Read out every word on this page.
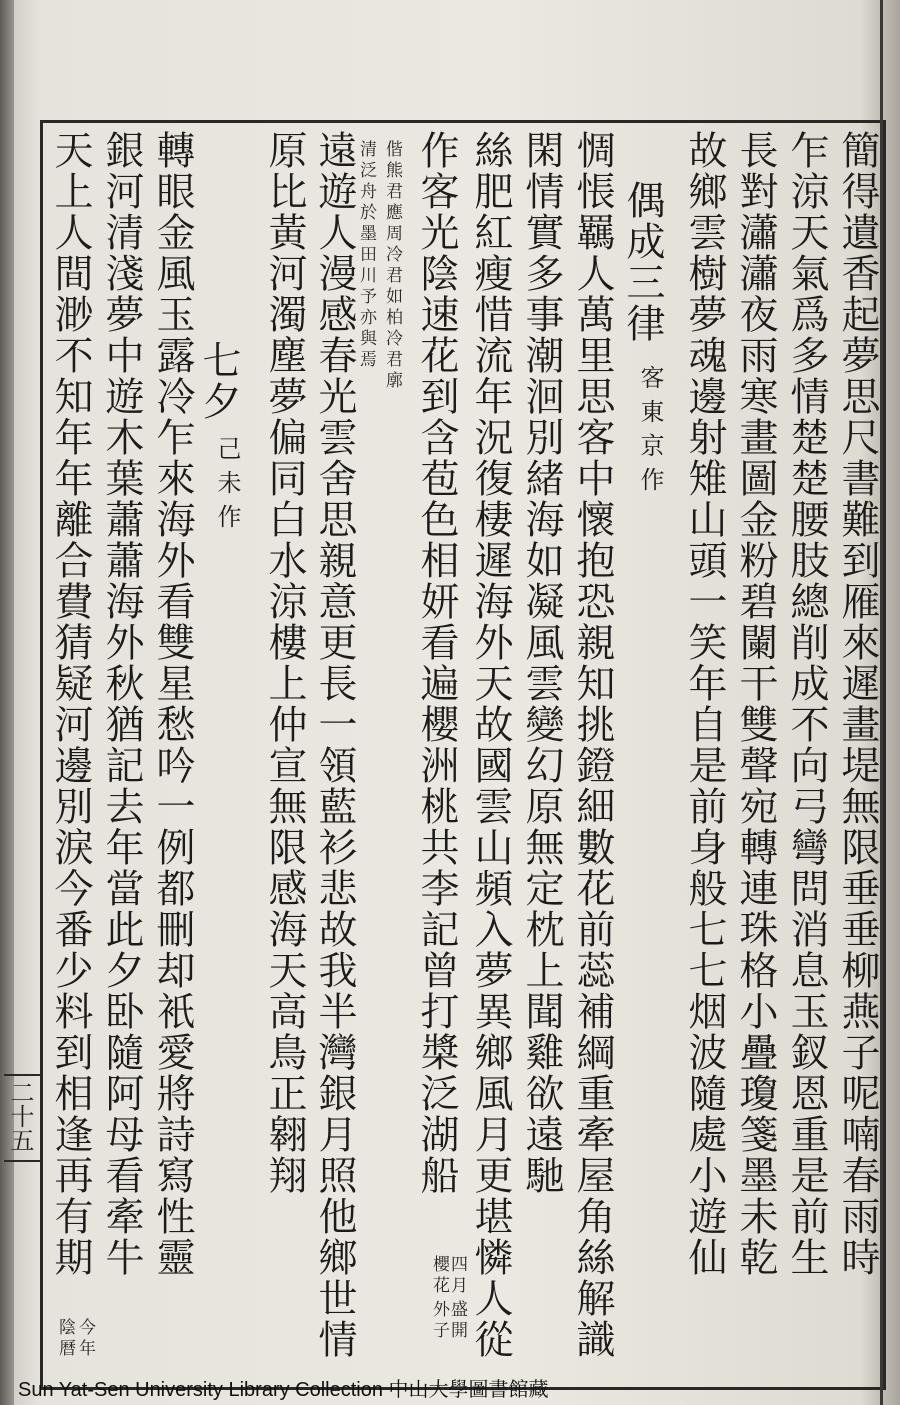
簡得遺香起夢思尺書難到雁來遲畫堤無限垂垂柳燕子呢喃春雨時
乍涼天氣爲多情楚楚腰肢總削成不向弓彎問消息玉釵恩重是前生
長對瀟瀟夜雨寒畫圖金粉碧闌干雙聲宛轉連珠格小疊瓊箋墨未乾
故鄉雲樹夢魂邊射雉山頭一笑年自是前身般七七烟波隨處小遊仙
偶成三律
客東京作
惆悵羈人萬里思客中懷抱恐親知挑鐙細數花前蕊補綱重牽屋角絲解識
閑情實多事潮洄別緒海如凝風雲變幻原無定枕上聞雞欲遠馳
絲肥紅瘦惜流年況復棲遲海外天故國雲山頻入夢異鄉風月更堪憐人從
四月
櫻花
盛開
外子
作客光陰速花到含苞色相妍看遍櫻洲桃共李記曾打槳泛湖船
偕熊君應周冷君如柏冷君廓
清泛舟於墨田川予亦與焉
遠遊人漫感春光雲舍思親意更長一領藍衫悲故我半灣銀月照他鄉世情
原比黃河濁塵夢偏同白水涼樓上仲宣無限感海天高鳥正翱翔
七夕
己未作
轉眼金風玉露冷乍來海外看雙星愁吟一例都刪却衹愛將詩寫性靈
銀河清淺夢中遊木葉蕭蕭海外秋猶記去年當此夕卧隨阿母看牽牛
天上人間渺不知年年離合費猜疑河邊別淚今番少料到相逢再有期
今年
陰曆
二十五
Sun Yat-Sen University Library Collection 中山大學圖書館藏
